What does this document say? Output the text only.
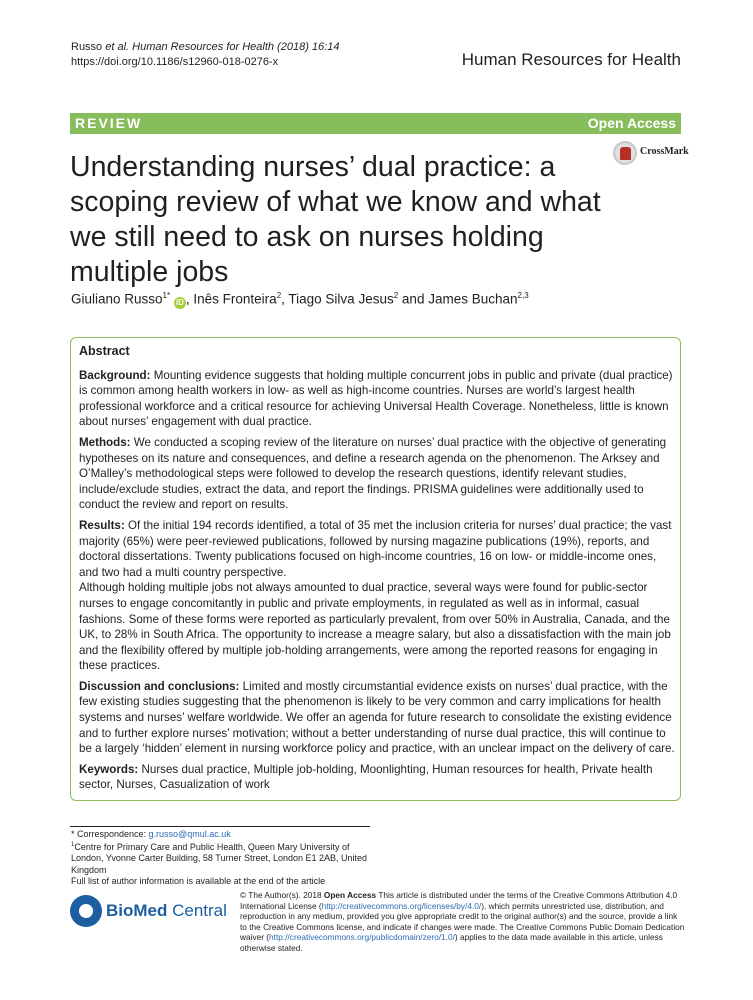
Russo et al. Human Resources for Health (2018) 16:14
https://doi.org/10.1186/s12960-018-0276-x	Human Resources for Health
REVIEW	Open Access
Understanding nurses’ dual practice: a scoping review of what we know and what we still need to ask on nurses holding multiple jobs
CrossMark
Giuliano Russo$^{1*}$ iD , Inês Fronteira$^2$, Tiago Silva Jesus$^2$ and James Buchan$^{2,3}$
Abstract

Background: Mounting evidence suggests that holding multiple concurrent jobs in public and private (dual practice) is common among health workers in low- as well as high-income countries. Nurses are world’s largest health professional workforce and a critical resource for achieving Universal Health Coverage. Nonetheless, little is known about nurses’ engagement with dual practice.

Methods: We conducted a scoping review of the literature on nurses’ dual practice with the objective of generating hypotheses on its nature and consequences, and define a research agenda on the phenomenon. The Arksey and O’Malley’s methodological steps were followed to develop the research questions, identify relevant studies, include/exclude studies, extract the data, and report the findings. PRISMA guidelines were additionally used to conduct the review and report on results.

Results: Of the initial 194 records identified, a total of 35 met the inclusion criteria for nurses’ dual practice; the vast majority (65%) were peer-reviewed publications, followed by nursing magazine publications (19%), reports, and doctoral dissertations. Twenty publications focused on high-income countries, 16 on low- or middle-income ones, and two had a multi country perspective.

Although holding multiple jobs not always amounted to dual practice, several ways were found for public-sector nurses to engage concomitantly in public and private employments, in regulated as well as in informal, casual fashions. Some of these forms were reported as particularly prevalent, from over 50% in Australia, Canada, and the UK, to 28% in South Africa. The opportunity to increase a meagre salary, but also a dissatisfaction with the main job and the flexibility offered by multiple job-holding arrangements, were among the reported reasons for engaging in these practices.

Discussion and conclusions: Limited and mostly circumstantial evidence exists on nurses’ dual practice, with the few existing studies suggesting that the phenomenon is likely to be very common and carry implications for health systems and nurses’ welfare worldwide. We offer an agenda for future research to consolidate the existing evidence and to further explore nurses’ motivation; without a better understanding of nurse dual practice, this will continue to be a largely ‘hidden’ element in nursing workforce policy and practice, with an unclear impact on the delivery of care.

Keywords: Nurses dual practice, Multiple job-holding, Moonlighting, Human resources for health, Private health sector, Nurses, Casualization of work

* Correspondence: g.russo@qmul.ac.uk
$^1$Centre for Primary Care and Public Health, Queen Mary University of London, Yvonne Carter Building, 58 Turner Street, London E1 2AB, United Kingdom
Full list of author information is available at the end of the article
BioMed Central
© The Author(s). 2018 Open Access This article is distributed under the terms of the Creative Commons Attribution 4.0 International License (http://creativecommons.org/licenses/by/4.0/), which permits unrestricted use, distribution, and reproduction in any medium, provided you give appropriate credit to the original author(s) and the source, provide a link to the Creative Commons license, and indicate if changes were made. The Creative Commons Public Domain Dedication waiver (http://creativecommons.org/publicdomain/zero/1.0/) applies to the data made available in this article, unless otherwise stated.
